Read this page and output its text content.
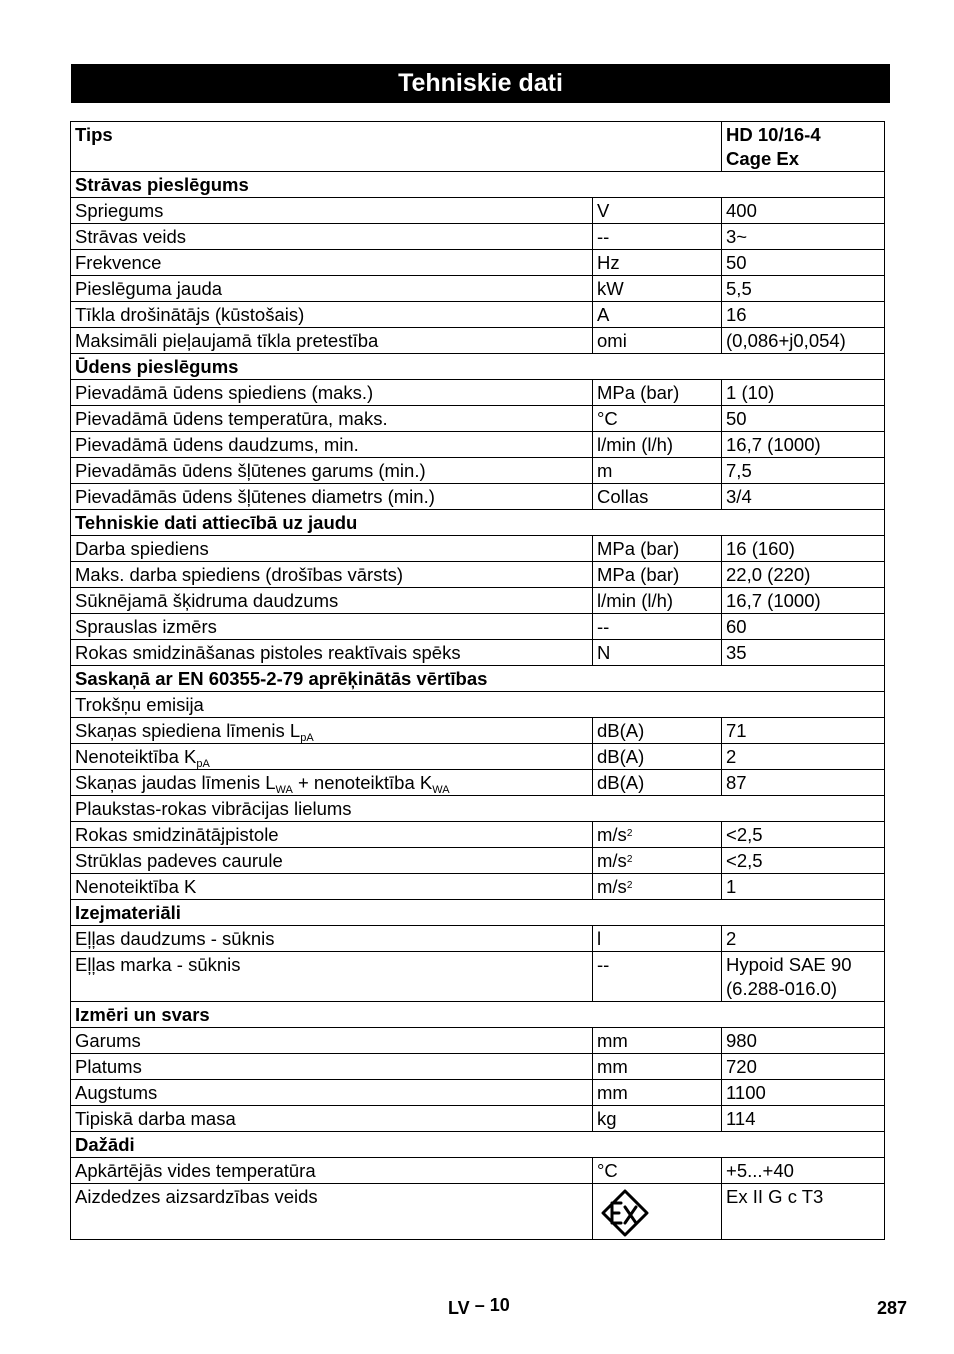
Tehniskie dati
Tips		HD 10/16-4
Cage Ex
Strāvas pieslēgums		
Spriegums	V	400
Strāvas veids	--	3~
Frekvence	Hz	50
Pieslēguma jauda	kW	5,5
Tīkla drošinātājs (kūstošais)	A	16
Maksimāli pieļaujamā tīkla pretestība	omi	(0,086+j0,054)
Ūdens pieslēgums		
Pievadāmā ūdens spiediens (maks.)	MPa (bar)	1 (10)
Pievadāmā ūdens temperatūra, maks.	°C	50
Pievadāmā ūdens daudzums, min.	l/min (l/h)	16,7 (1000)
Pievadāmās ūdens šļūtenes garums (min.)	m	7,5
Pievadāmās ūdens šļūtenes diametrs (min.)	Collas	3/4
Tehniskie dati attiecībā uz jaudu		
Darba spiediens	MPa (bar)	16 (160)
Maks. darba spiediens (drošības vārsts)	MPa (bar)	22,0 (220)
Sūknējamā šķidruma daudzums	l/min (l/h)	16,7 (1000)
Sprauslas izmērs	--	60
Rokas smidzināšanas pistoles reaktīvais spēks	N	35
Saskaņā ar EN 60355-2-79 aprēķinātās vērtības		
Trokšņu emisija		
Skaņas spiediena līmenis $L_{pA}$	dB(A)	71
Nenoteiktība $K_{pA}$	dB(A)	2
Skaņas jaudas līmenis $L_{WA}$ + nenoteiktība $K_{WA}$	dB(A)	87
Plaukstas-rokas vibrācijas lielums		
Rokas smidzinātājpistole	$m/s^2$	<2,5
Strūklas padeves caurule	$m/s^2$	<2,5
Nenoteiktība K	$m/s^2$	1
Izejmateriāli		
Eļļas daudzums - sūknis	l	2
Eļļas marka - sūknis	--	Hypoid SAE 90
(6.288-016.0)
Izmēri un svars		
Garums	mm	980
Platums	mm	720
Augstums	mm	1100
Tipiskā darba masa	kg	114
Dažādi		
Apkārtējās vides temperatūra	°C	+5...+40
Aizdedzes aizsardzības veids		Ex II G c T3
LV – 10	287
